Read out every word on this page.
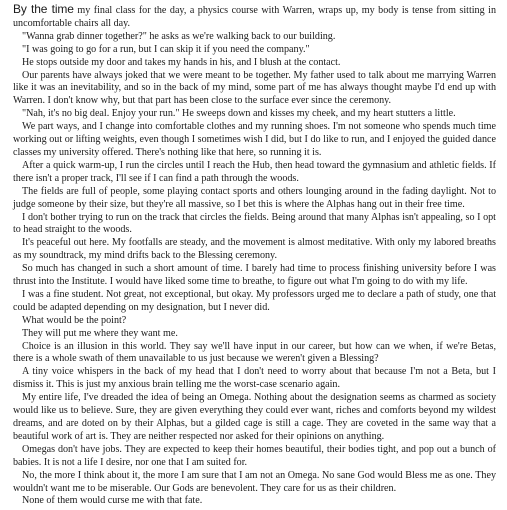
By the time my final class for the day, a physics course with Warren, wraps up, my body is tense from sitting in uncomfortable chairs all day.

"Wanna grab dinner together?" he asks as we're walking back to our building.

"I was going to go for a run, but I can skip it if you need the company."

He stops outside my door and takes my hands in his, and I blush at the contact.

Our parents have always joked that we were meant to be together. My father used to talk about me marrying Warren like it was an inevitability, and so in the back of my mind, some part of me has always thought maybe I'd end up with Warren. I don't know why, but that part has been close to the surface ever since the ceremony.

"Nah, it's no big deal. Enjoy your run." He sweeps down and kisses my cheek, and my heart stutters a little.

We part ways, and I change into comfortable clothes and my running shoes. I'm not someone who spends much time working out or lifting weights, even though I sometimes wish I did, but I do like to run, and I enjoyed the guided dance classes my university offered. There's nothing like that here, so running it is.

After a quick warm-up, I run the circles until I reach the Hub, then head toward the gymnasium and athletic fields. If there isn't a proper track, I'll see if I can find a path through the woods.

The fields are full of people, some playing contact sports and others lounging around in the fading daylight. Not to judge someone by their size, but they're all massive, so I bet this is where the Alphas hang out in their free time.

I don't bother trying to run on the track that circles the fields. Being around that many Alphas isn't appealing, so I opt to head straight to the woods.

It's peaceful out here. My footfalls are steady, and the movement is almost meditative. With only my labored breaths as my soundtrack, my mind drifts back to the Blessing ceremony.

So much has changed in such a short amount of time. I barely had time to process finishing university before I was thrust into the Institute. I would have liked some time to breathe, to figure out what I'm going to do with my life.

I was a fine student. Not great, not exceptional, but okay. My professors urged me to declare a path of study, one that could be adapted depending on my designation, but I never did.

What would be the point?

They will put me where they want me.

Choice is an illusion in this world. They say we'll have input in our career, but how can we when, if we're Betas, there is a whole swath of them unavailable to us just because we weren't given a Blessing?

A tiny voice whispers in the back of my head that I don't need to worry about that because I'm not a Beta, but I dismiss it. This is just my anxious brain telling me the worst-case scenario again.

My entire life, I've dreaded the idea of being an Omega. Nothing about the designation seems as charmed as society would like us to believe. Sure, they are given everything they could ever want, riches and comforts beyond my wildest dreams, and are doted on by their Alphas, but a gilded cage is still a cage. They are coveted in the same way that a beautiful work of art is. They are neither respected nor asked for their opinions on anything.

Omegas don't have jobs. They are expected to keep their homes beautiful, their bodies tight, and pop out a bunch of babies. It is not a life I desire, nor one that I am suited for.

No, the more I think about it, the more I am sure that I am not an Omega. No sane God would Bless me as one. They wouldn't want me to be miserable. Our Gods are benevolent. They care for us as their children.

None of them would curse me with that fate.
